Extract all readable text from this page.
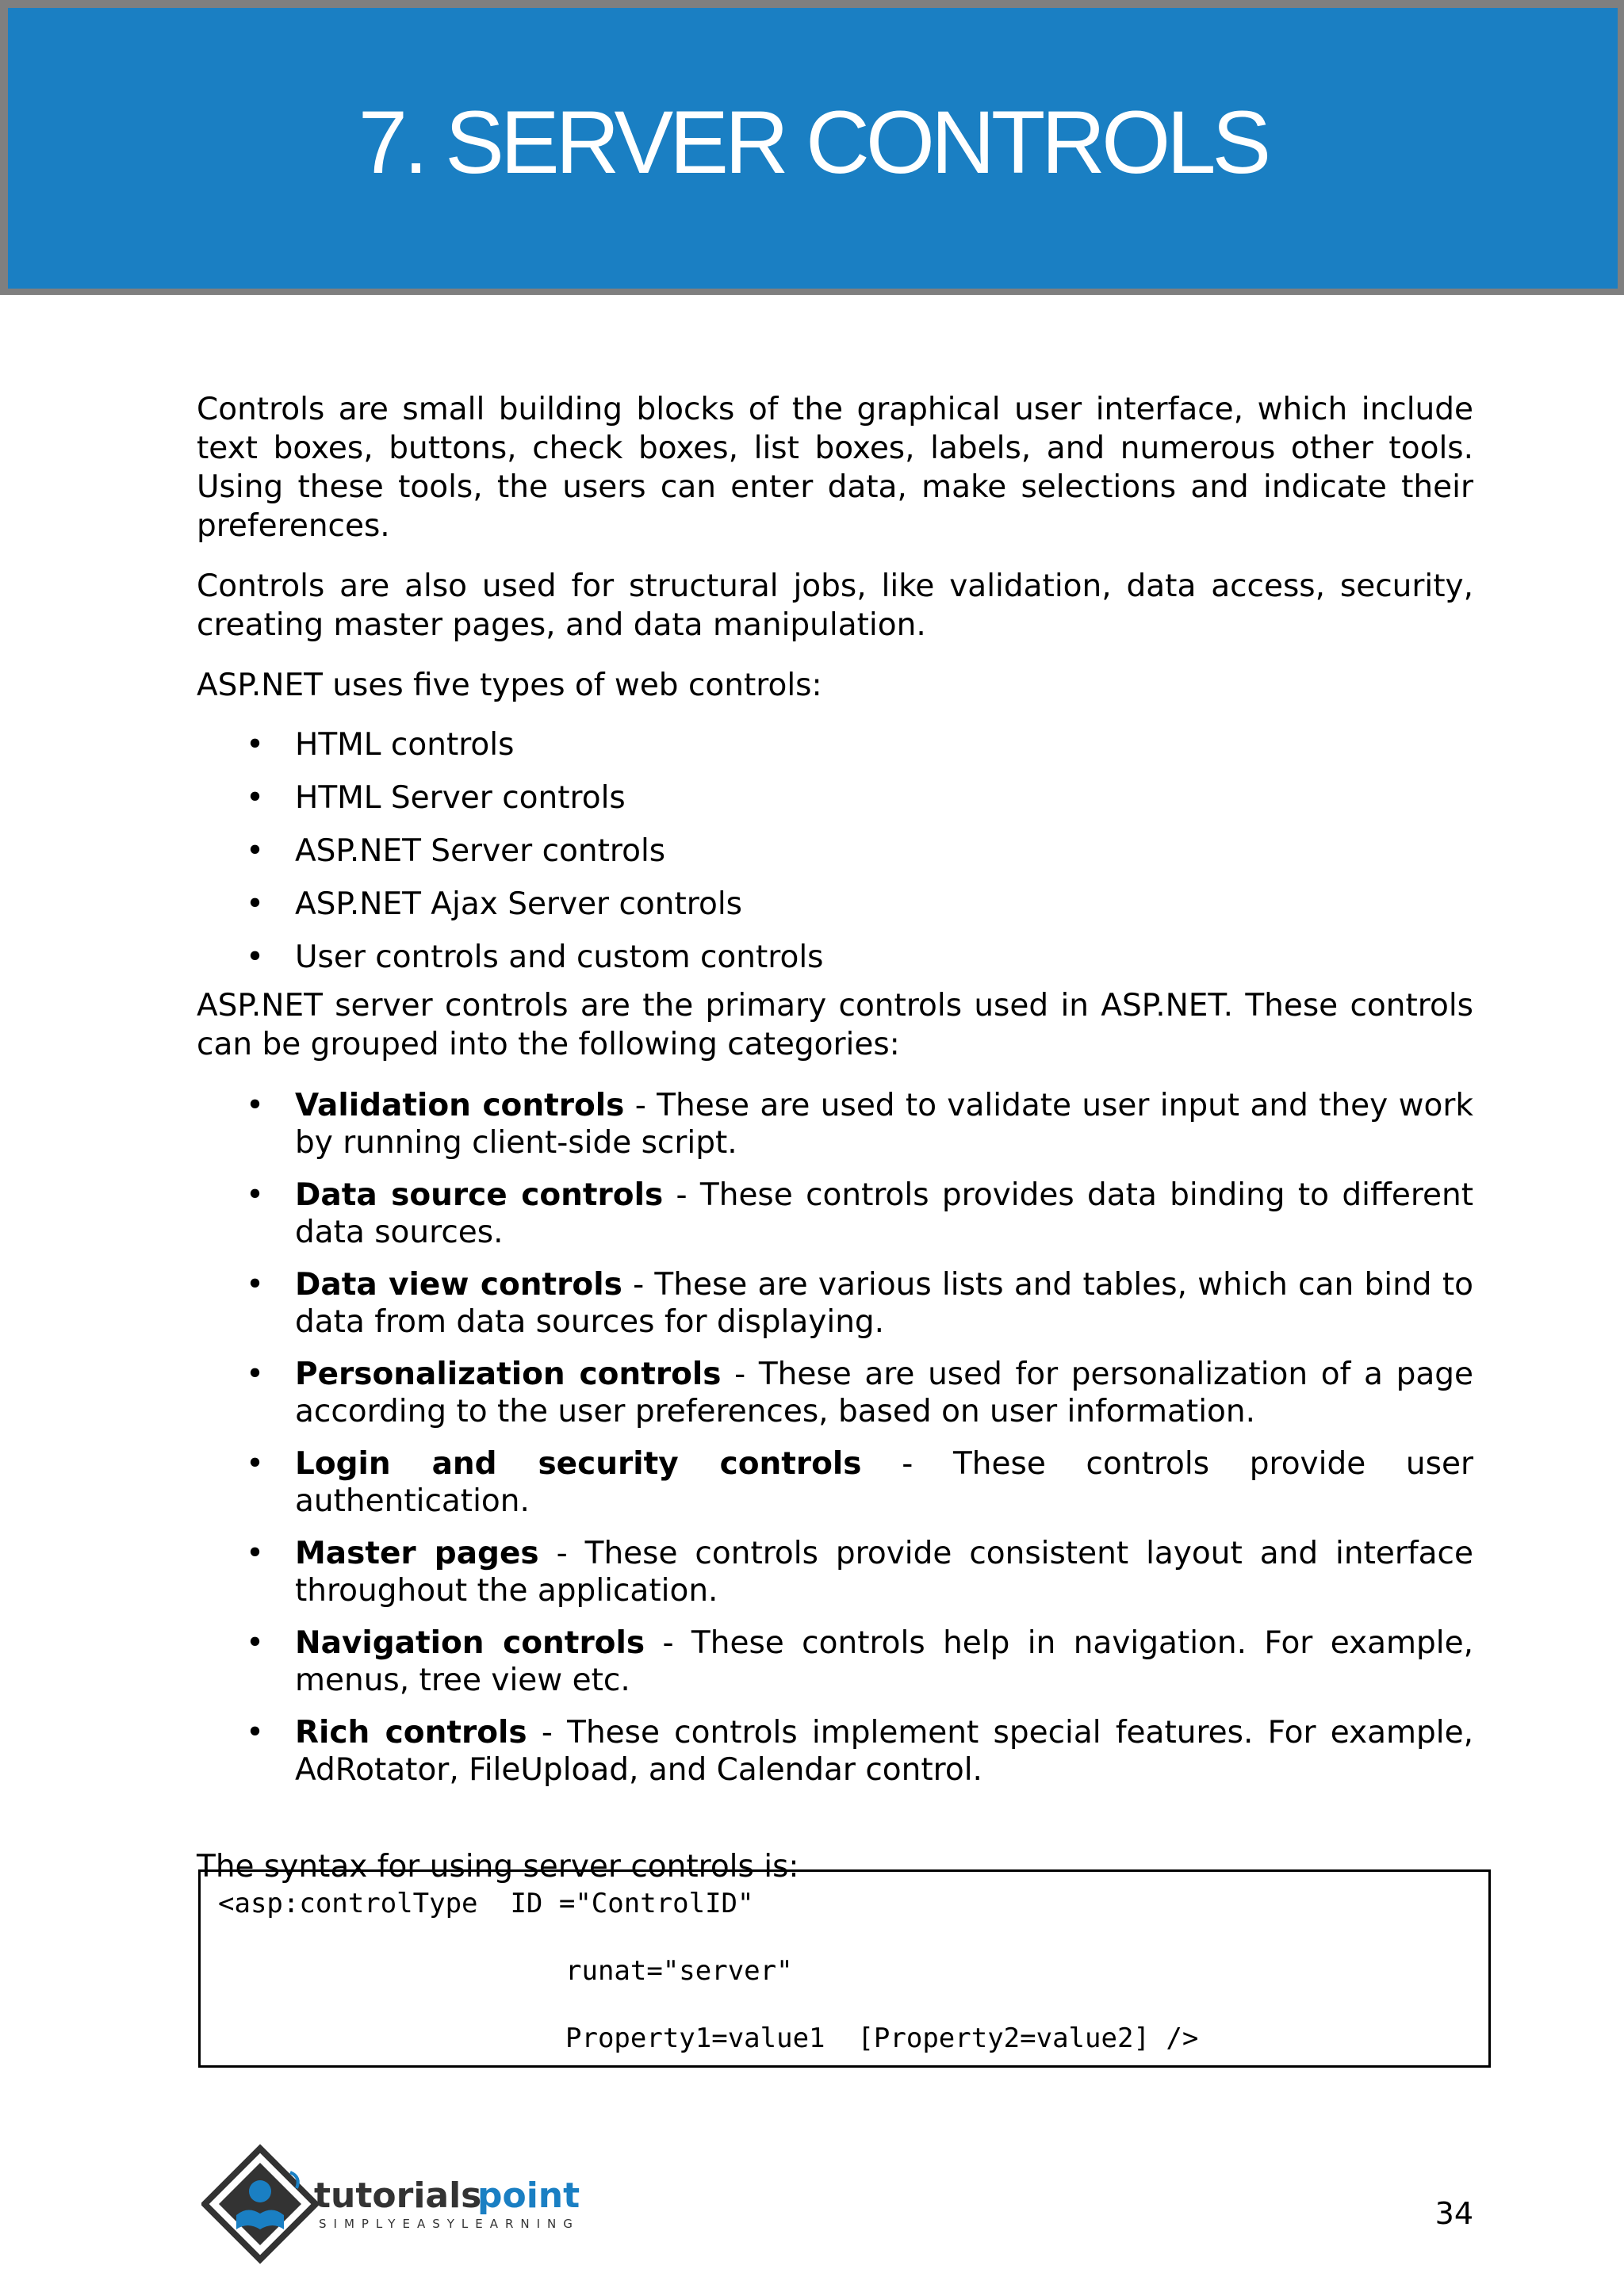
7. SERVER CONTROLS

Controls are small building blocks of the graphical user interface, which include text boxes, buttons, check boxes, list boxes, labels, and numerous other tools. Using these tools, the users can enter data, make selections and indicate their preferences.

Controls are also used for structural jobs, like validation, data access, security, creating master pages, and data manipulation.

ASP.NET uses five types of web controls:

• HTML controls
• HTML Server controls
• ASP.NET Server controls
• ASP.NET Ajax Server controls
• User controls and custom controls

ASP.NET server controls are the primary controls used in ASP.NET. These controls can be grouped into the following categories:

• Validation controls - These are used to validate user input and they work by running client-side script.
• Data source controls - These controls provides data binding to different data sources.
• Data view controls - These are various lists and tables, which can bind to data from data sources for displaying.
• Personalization controls - These are used for personalization of a page according to the user preferences, based on user information.
• Login and security controls - These controls provide user authentication.
• Master pages - These controls provide consistent layout and interface throughout the application.
• Navigation controls - These controls help in navigation. For example, menus, tree view etc.
• Rich controls - These controls implement special features. For example, AdRotator, FileUpload, and Calendar control.

The syntax for using server controls is:

<asp:controlType  ID ="ControlID"
runat="server"
Property1=value1  [Property2=value2] />
tutorials
point
SIMPLYEASYLEARNING	34
